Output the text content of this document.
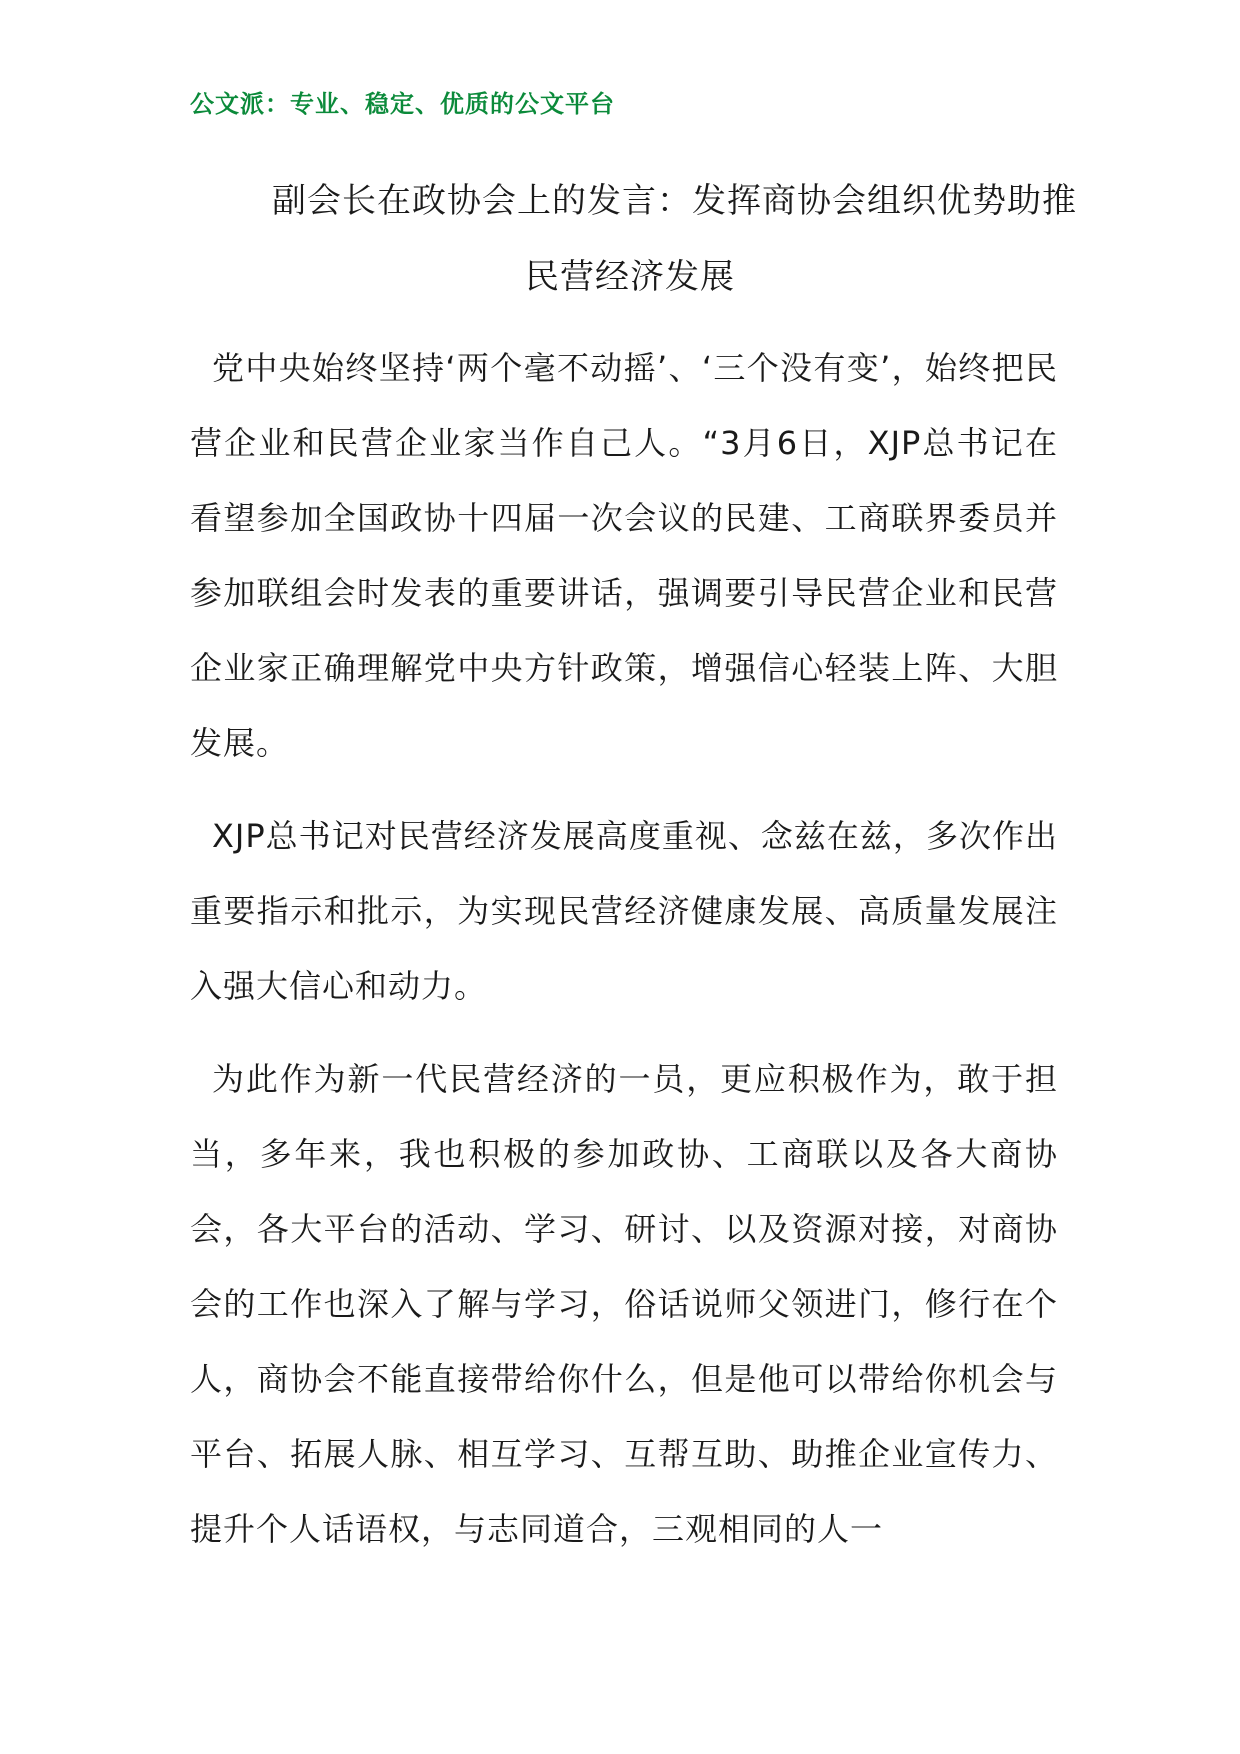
公文派：专业、稳定、优质的公文平台
副会长在政协会上的发言：发挥商协会组织优势助推
民营经济发展

党中央始终坚持‘两个毫不动摇’、‘三个没有变’，始终把民营企业和民营企业家当作自己人。“3月6日，XJP总书记在看望参加全国政协十四届一次会议的民建、工商联界委员并参加联组会时发表的重要讲话，强调要引导民营企业和民营企业家正确理解党中央方针政策，增强信心轻装上阵、大胆发展。

XJP总书记对民营经济发展高度重视、念兹在兹，多次作出重要指示和批示，为实现民营经济健康发展、高质量发展注入强大信心和动力。

为此作为新一代民营经济的一员，更应积极作为，敢于担当，多年来，我也积极的参加政协、工商联以及各大商协会，各大平台的活动、学习、研讨、以及资源对接，对商协会的工作也深入了解与学习，俗话说师父领进门，修行在个人，商协会不能直接带给你什么，但是他可以带给你机会与平台、拓展人脉、相互学习、互帮互助、助推企业宣传力、提升个人话语权，与志同道合，三观相同的人一
